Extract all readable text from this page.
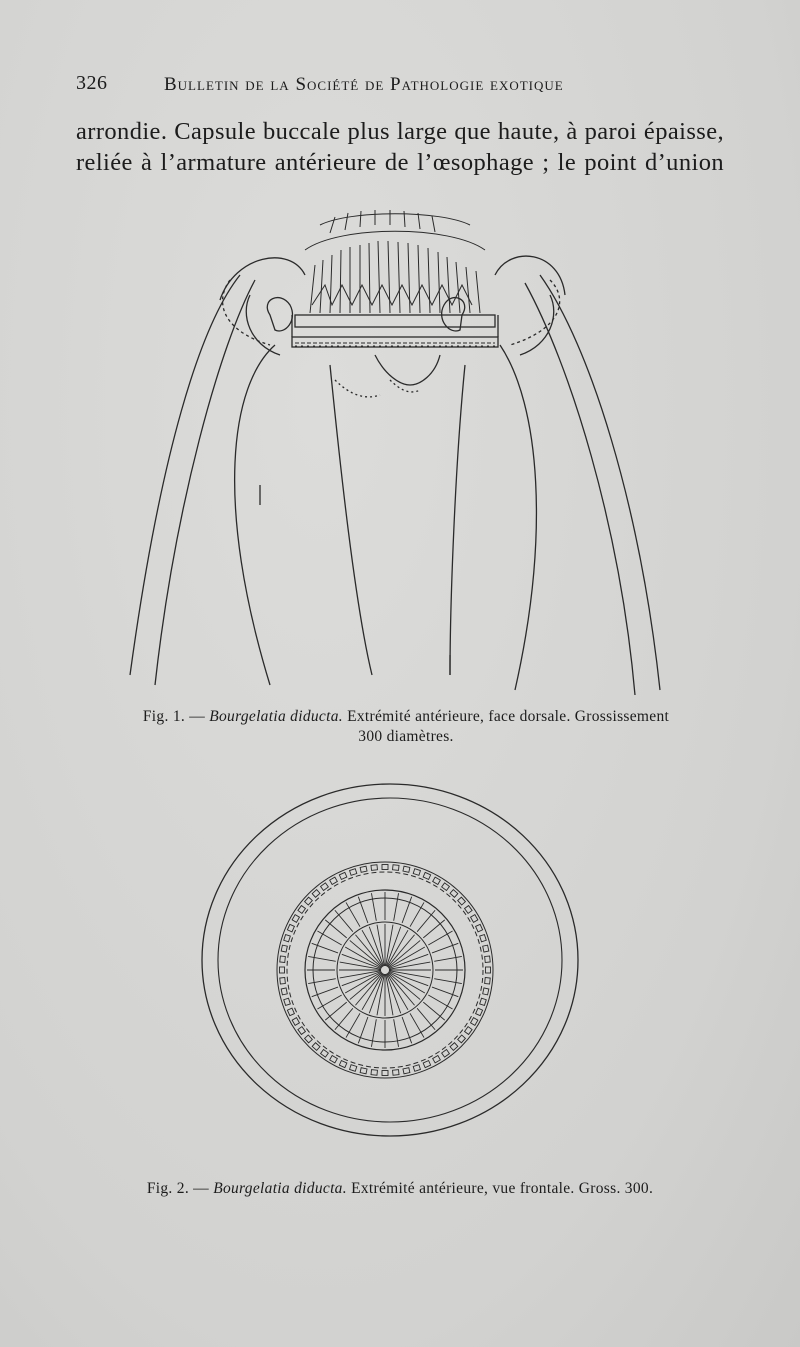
326	Bulletin de la Société de Pathologie exotique
arrondie. Capsule buccale plus large que haute, à paroi épaisse,
reliée à l’armature antérieure de l’œsophage ; le point d’union
Fig. 1. — Bourgelatia diducta. Extrémité antérieure, face dorsale. Grossissement
300 diamètres.
Fig. 2. — Bourgelatia diducta. Extrémité antérieure, vue frontale. Gross. 300.
